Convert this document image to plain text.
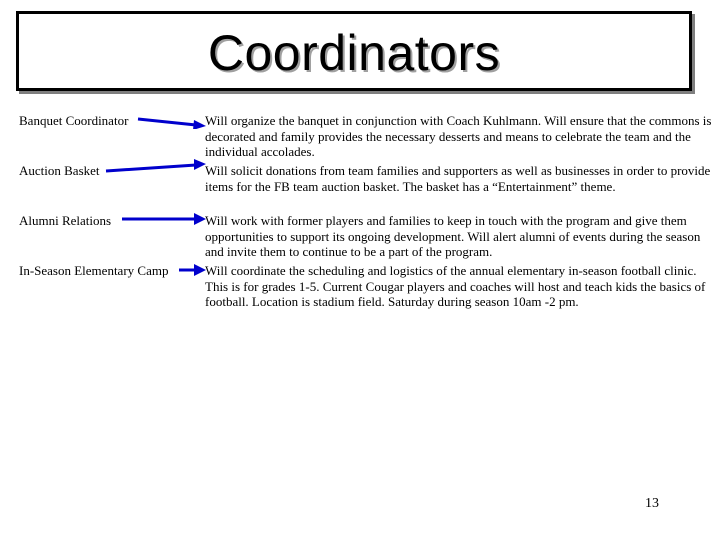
Coordinators
Banquet Coordinator	Will organize the banquet in conjunction with Coach Kuhlmann. Will ensure that the commons is decorated and family provides the necessary desserts and means to celebrate the team and the individual accolades.
Auction Basket	Will solicit donations from team families and supporters as well as businesses in order to provide items for the FB team auction basket. The basket has a “Entertainment” theme.
Alumni Relations	Will work with former players and families to keep in touch with the program and give them opportunities to support its ongoing development. Will alert alumni of events during the season and invite them to continue to be a part of the program.
In-Season Elementary Camp	Will coordinate the scheduling and logistics of the annual elementary in-season football clinic. This is for grades 1-5. Current Cougar players and coaches will host and teach kids the basics of football. Location is stadium field. Saturday during season 10am -2 pm.
13
